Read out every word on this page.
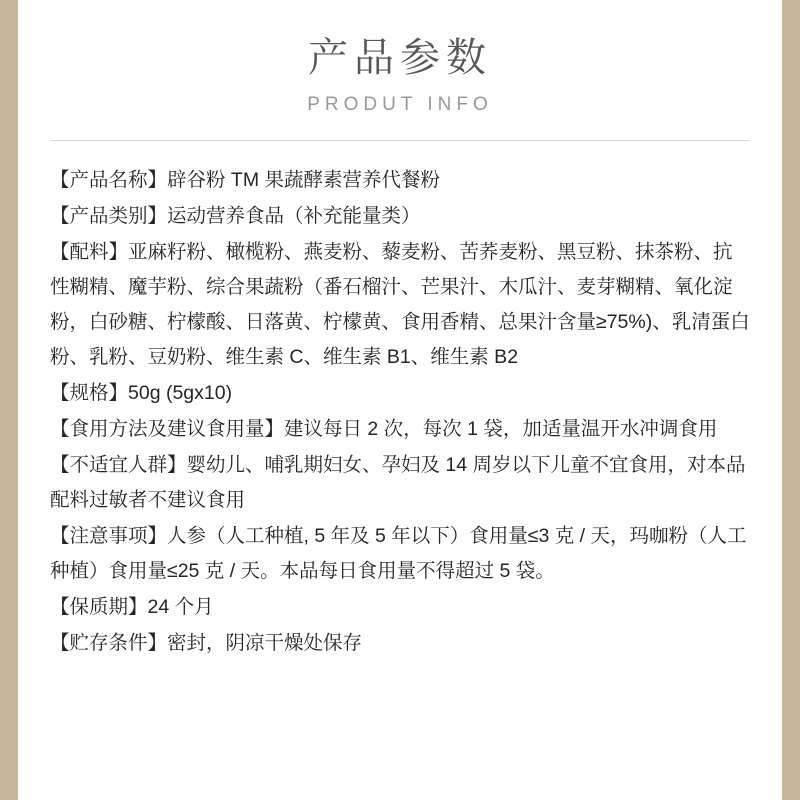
产品参数
PRODUT INFO

【产品名称】辟谷粉 TM 果蔬酵素营养代餐粉

【产品类别】运动营养食品（补充能量类）

【配料】亚麻籽粉、橄榄粉、燕麦粉、藜麦粉、苦荞麦粉、黑豆粉、抹茶粉、抗性糊精、魔芋粉、综合果蔬粉（番石榴汁、芒果汁、木瓜汁、麦芽糊精、氧化淀粉，白砂糖、柠檬酸、日落黄、柠檬黄、食用香精、总果汁含量≥75%)、乳清蛋白粉、乳粉、豆奶粉、维生素 C、维生素 B1、维生素 B2

【规格】50g (5gx10)

【食用方法及建议食用量】建议每日 2 次，每次 1 袋，加适量温开水冲调食用

【不适宜人群】婴幼儿、哺乳期妇女、孕妇及 14 周岁以下儿童不宜食用，对本品配料过敏者不建议食用

【注意事项】人参（人工种植, 5 年及 5 年以下）食用量≤3 克 / 天，玛咖粉（人工种植）食用量≤25 克 / 天。本品每日食用量不得超过 5 袋。

【保质期】24 个月

【贮存条件】密封，阴凉干燥处保存
